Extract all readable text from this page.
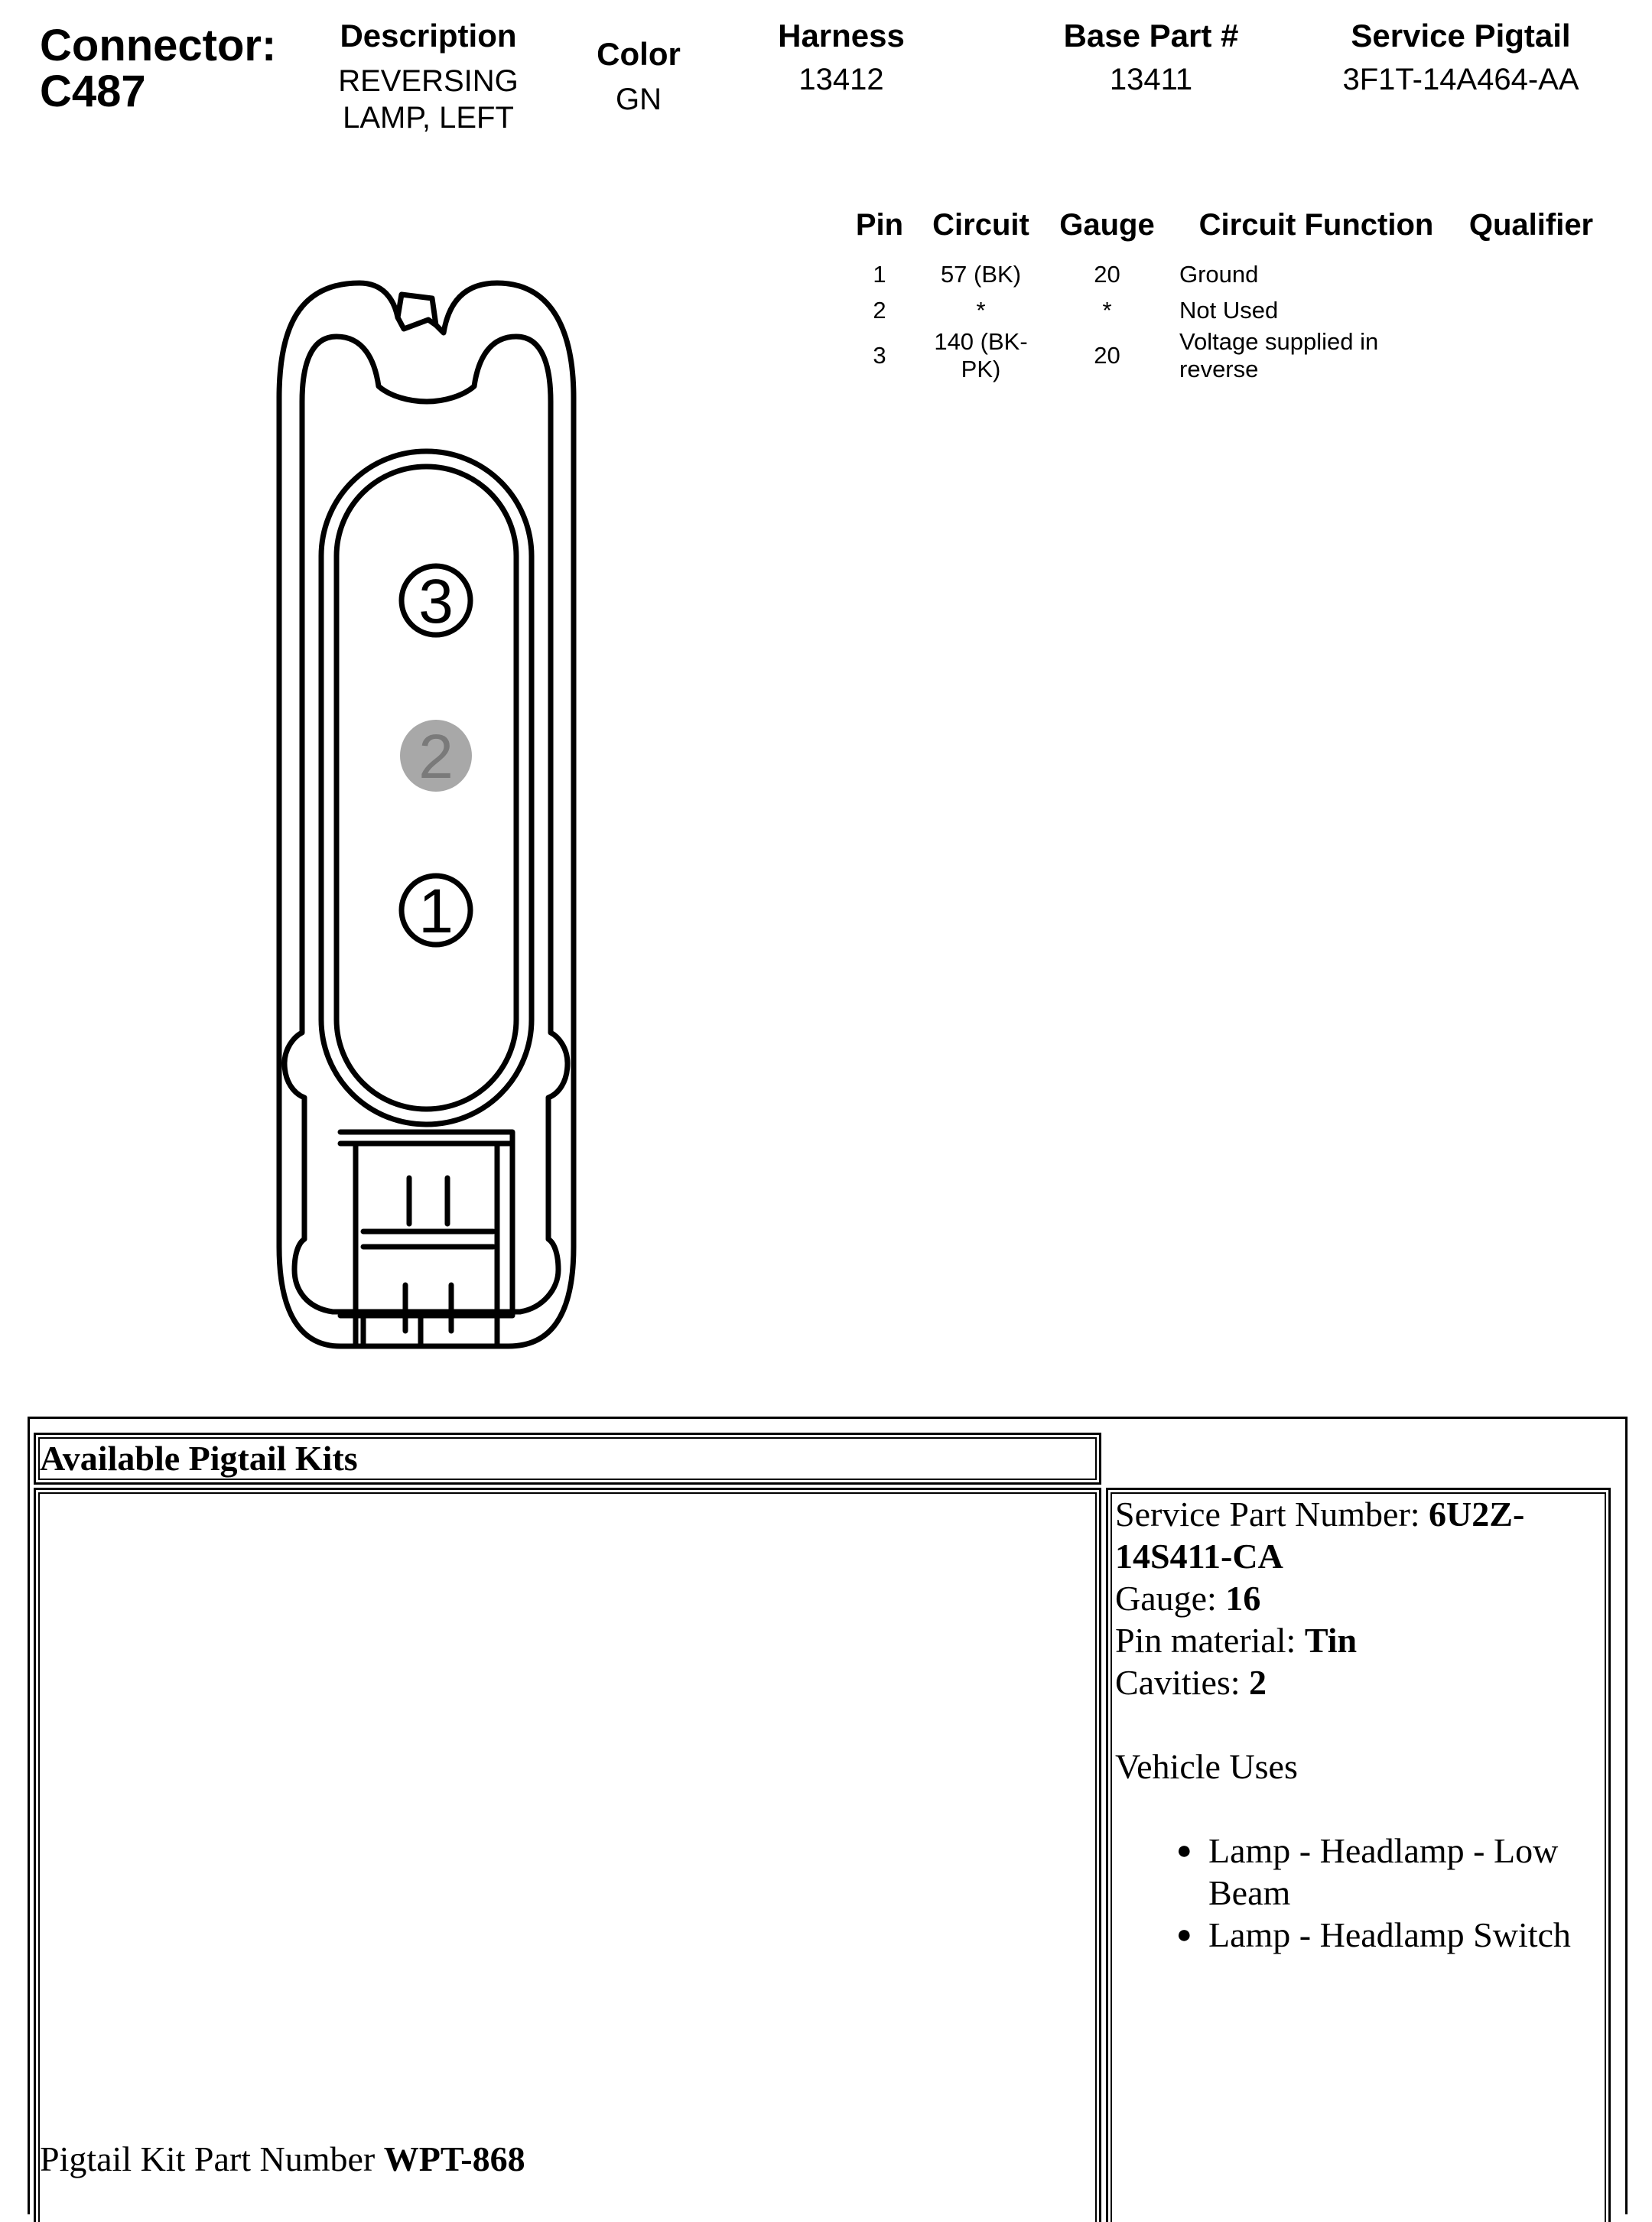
Connector:
C487
Description
REVERSING
LAMP, LEFT
Color
GN
Harness
13412
Base Part #
13411
Service Pigtail
3F1T-14A464-AA
Pin	Circuit	Gauge	Circuit Function	Qualifier
1	57 (BK)	20	Ground	
2	*	*	Not Used	
3	140 (BK-PK)	20	Voltage supplied in reverse	
3
2
1
Available Pigtail Kits
Pigtail Kit Part Number WPT-868
Service Part Number: 6U2Z-
14S411-CA
Gauge: 16
Pin material: Tin
Cavities: 2
Vehicle Uses
● Lamp - Headlamp - Low
Beam
● Lamp - Headlamp Switch
